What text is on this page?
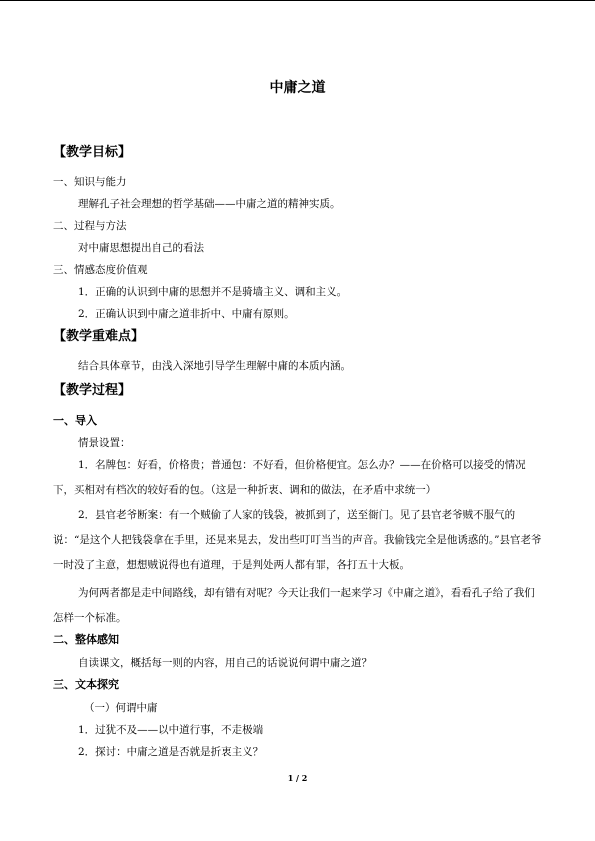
中庸之道
【教学目标】
一、知识与能力
理解孔子社会理想的哲学基础——中庸之道的精神实质。
二、过程与方法
对中庸思想提出自己的看法
三、情感态度价值观
1．正确的认识到中庸的思想并不是骑墙主义、调和主义。
2．正确认识到中庸之道非折中、中庸有原则。
【教学重难点】
结合具体章节，由浅入深地引导学生理解中庸的本质内涵。
【教学过程】
一、导入
情景设置：

1．名牌包：好看，价格贵；普通包：不好看，但价格便宜。怎么办？——在价格可以接受的情况下，买相对有档次的较好看的包。（这是一种折衷、调和的做法，在矛盾中求统一）

2．县官老爷断案：有一个贼偷了人家的钱袋，被抓到了，送至衙门。见了县官老爷贼不服气的说：“是这个人把钱袋拿在手里，还晃来晃去，发出些叮叮当当的声音。我偷钱完全是他诱惑的。”县官老爷一时没了主意，想想贼说得也有道理，于是判处两人都有罪，各打五十大板。

为何两者都是走中间路线，却有错有对呢？今天让我们一起来学习《中庸之道》，看看孔子给了我们怎样一个标准。

二、整体感知
自读课文，概括每一则的内容，用自己的话说说何谓中庸之道？
三、文本探究
（一）何谓中庸
1．过犹不及——以中道行事，不走极端
2．探讨：中庸之道是否就是折衷主义？
1 / 2
